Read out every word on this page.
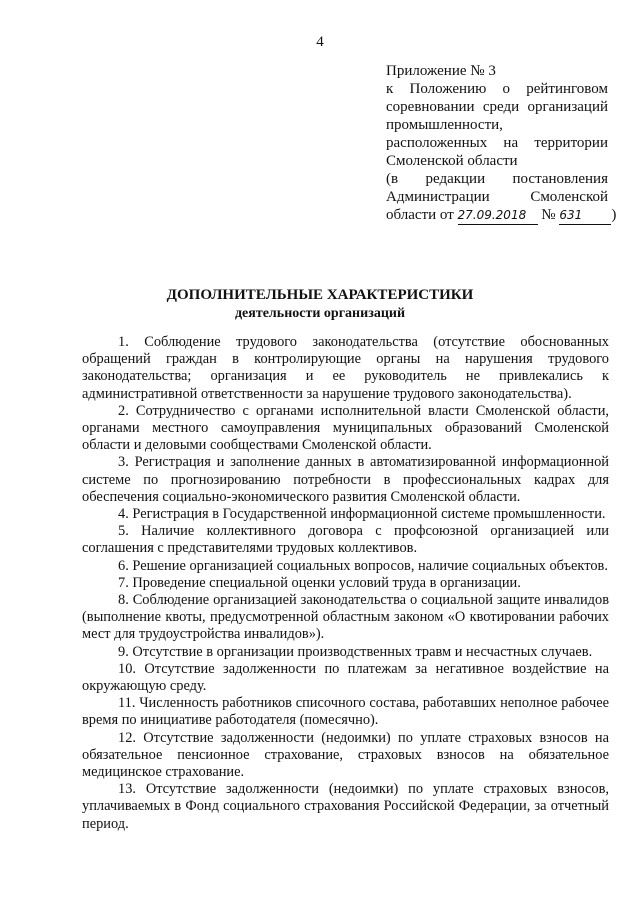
4
Приложение № 3
к Положению о рейтинговом
соревновании среди организаций
промышленности,
расположенных на территории
Смоленской области
(в редакции постановления
Администрации Смоленской
области от 27.09.2018 № 631 )
ДОПОЛНИТЕЛЬНЫЕ ХАРАКТЕРИСТИКИ
деятельности организаций

1. Соблюдение трудового законодательства (отсутствие обоснованных обращений граждан в контролирующие органы на нарушения трудового законодательства; организация и ее руководитель не привлекались к административной ответственности за нарушение трудового законодательства).

2. Сотрудничество с органами исполнительной власти Смоленской области, органами местного самоуправления муниципальных образований Смоленской области и деловыми сообществами Смоленской области.

3. Регистрация и заполнение данных в автоматизированной информационной системе по прогнозированию потребности в профессиональных кадрах для обеспечения социально-экономического развития Смоленской области.

4. Регистрация в Государственной информационной системе промышленности.

5. Наличие коллективного договора с профсоюзной организацией или соглашения с представителями трудовых коллективов.

6. Решение организацией социальных вопросов, наличие социальных объектов.

7. Проведение специальной оценки условий труда в организации.

8. Соблюдение организацией законодательства о социальной защите инвалидов (выполнение квоты, предусмотренной областным законом «О квотировании рабочих мест для трудоустройства инвалидов»).

9. Отсутствие в организации производственных травм и несчастных случаев.

10. Отсутствие задолженности по платежам за негативное воздействие на окружающую среду.

11. Численность работников списочного состава, работавших неполное рабочее время по инициативе работодателя (помесячно).

12. Отсутствие задолженности (недоимки) по уплате страховых взносов на обязательное пенсионное страхование, страховых взносов на обязательное медицинское страхование.

13. Отсутствие задолженности (недоимки) по уплате страховых взносов, уплачиваемых в Фонд социального страхования Российской Федерации, за отчетный период.
